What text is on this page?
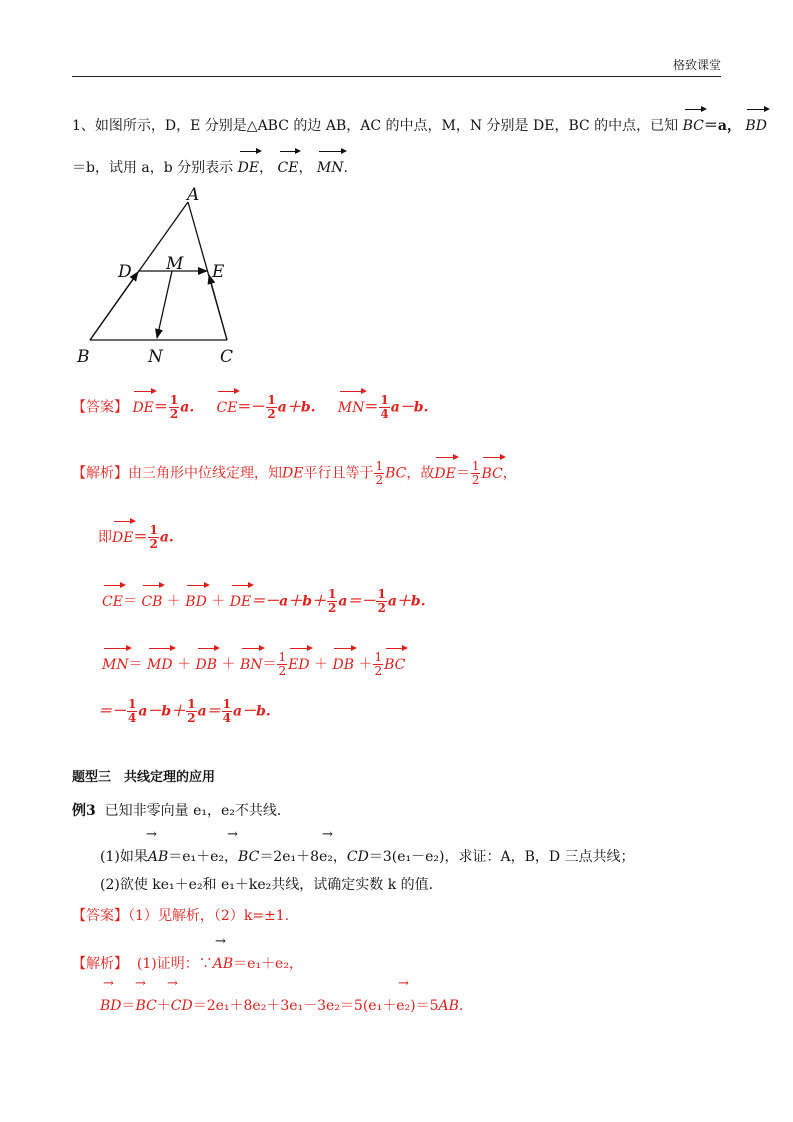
格致课堂
1、如图所示，D，E 分别是△ABC 的边 AB，AC 的中点，M，N 分别是 DE，BC 的中点，已知 BC＝a， BD
＝b，试用 a，b 分别表示 DE， CE， MN.
A
D M E
B	N	C
【答案】 $DE= \frac{1}{2} a$. $CE=- \frac{1}{2} a+b$. $MN= \frac{1}{4} a-b$.
【解析】由三角形中位线定理，知DE平行且等于 $\frac{1}{2}$ BC，故$DE= \frac{1}{2}$ BC，
即$DE= \frac{1}{2} a$.
CE＝ CB ＋ BD ＋ $DE=-a+b+ \frac{1}{2} a=- \frac{1}{2} a+b$.
MN＝ MD ＋ DB ＋ $BN= \frac{1}{2}$ ED ＋ DB ＋ $\frac{1}{2}$ BC
＝－ $\frac{1}{4} a-b+ \frac{1}{2} a= \frac{1}{4} a-b$.
题型三　共线定理的应用
例3 已知非零向量 e₁，e₂不共线．
→	→	→
(1)如果AB＝e₁＋e₂，BC＝2e₁＋8e₂，CD＝3(e₁－e₂)，求证：A，B，D 三点共线；
(2)欲使 ke₁＋e₂和 e₁＋ke₂共线，试确定实数 k 的值．
【答案】（1）见解析，（2）k=±1.
→
【解析】 (1)证明：∵AB＝e₁＋e₂，
→ → →	→
BD＝BC＋CD＝2e₁＋8e₂＋3e₁－3e₂＝5(e₁＋e₂)＝5AB.
